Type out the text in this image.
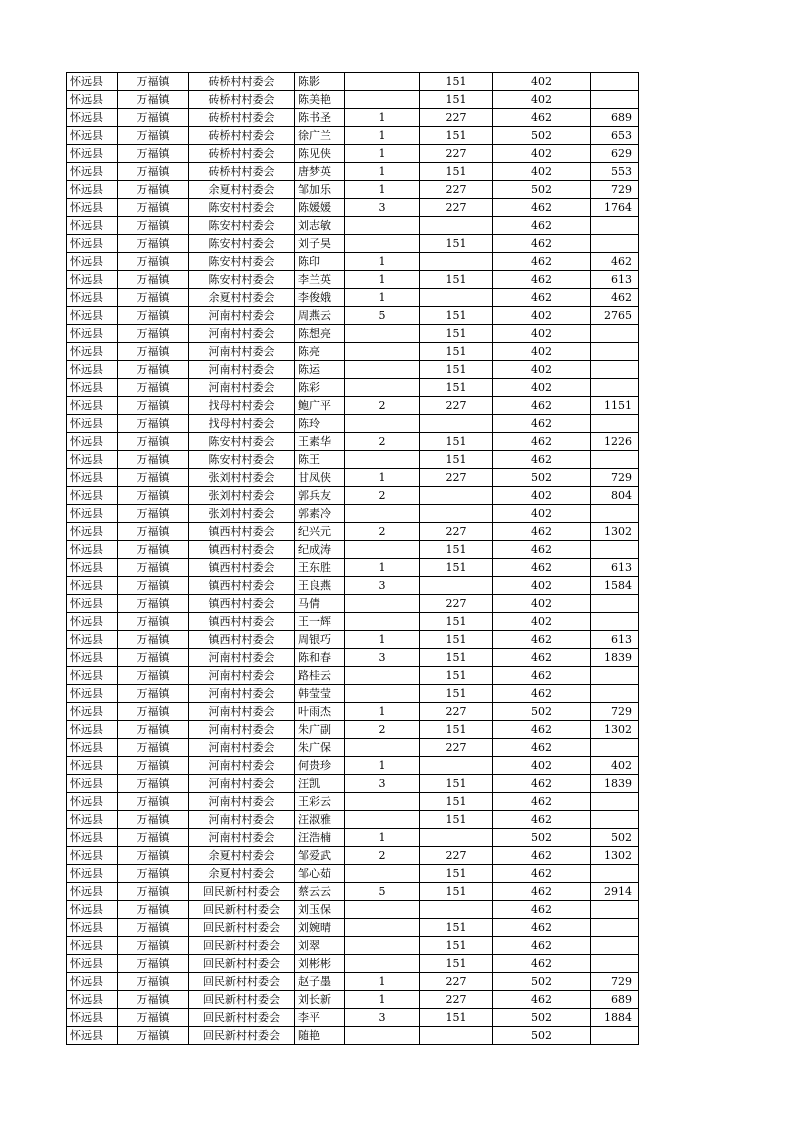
怀远县	万福镇	砖桥村村委会	陈影		151	402	
怀远县	万福镇	砖桥村村委会	陈美艳		151	402	
怀远县	万福镇	砖桥村村委会	陈书圣	1	227	462	689
怀远县	万福镇	砖桥村村委会	徐广兰	1	151	502	653
怀远县	万福镇	砖桥村村委会	陈见侠	1	227	402	629
怀远县	万福镇	砖桥村村委会	唐梦英	1	151	402	553
怀远县	万福镇	余夏村村委会	邹加乐	1	227	502	729
怀远县	万福镇	陈安村村委会	陈媛媛	3	227	462	1764
怀远县	万福镇	陈安村村委会	刘志敏			462	
怀远县	万福镇	陈安村村委会	刘子昊		151	462	
怀远县	万福镇	陈安村村委会	陈印	1		462	462
怀远县	万福镇	陈安村村委会	李兰英	1	151	462	613
怀远县	万福镇	余夏村村委会	李俊娥	1		462	462
怀远县	万福镇	河南村村委会	周燕云	5	151	402	2765
怀远县	万福镇	河南村村委会	陈想亮		151	402	
怀远县	万福镇	河南村村委会	陈亮		151	402	
怀远县	万福镇	河南村村委会	陈运		151	402	
怀远县	万福镇	河南村村委会	陈彩		151	402	
怀远县	万福镇	找母村村委会	鲍广平	2	227	462	1151
怀远县	万福镇	找母村村委会	陈玲			462	
怀远县	万福镇	陈安村村委会	王素华	2	151	462	1226
怀远县	万福镇	陈安村村委会	陈王		151	462	
怀远县	万福镇	张刘村村委会	甘凤侠	1	227	502	729
怀远县	万福镇	张刘村村委会	郭兵友	2		402	804
怀远县	万福镇	张刘村村委会	郭素冷			402	
怀远县	万福镇	镇西村村委会	纪兴元	2	227	462	1302
怀远县	万福镇	镇西村村委会	纪成涛		151	462	
怀远县	万福镇	镇西村村委会	王东胜	1	151	462	613
怀远县	万福镇	镇西村村委会	王良燕	3		402	1584
怀远县	万福镇	镇西村村委会	马倩		227	402	
怀远县	万福镇	镇西村村委会	王一辉		151	402	
怀远县	万福镇	镇西村村委会	周银巧	1	151	462	613
怀远县	万福镇	河南村村委会	陈和春	3	151	462	1839
怀远县	万福镇	河南村村委会	路桂云		151	462	
怀远县	万福镇	河南村村委会	韩莹莹		151	462	
怀远县	万福镇	河南村村委会	叶雨杰	1	227	502	729
怀远县	万福镇	河南村村委会	朱广副	2	151	462	1302
怀远县	万福镇	河南村村委会	朱广保		227	462	
怀远县	万福镇	河南村村委会	何贵珍	1		402	402
怀远县	万福镇	河南村村委会	汪凯	3	151	462	1839
怀远县	万福镇	河南村村委会	王彩云		151	462	
怀远县	万福镇	河南村村委会	汪淑雅		151	462	
怀远县	万福镇	河南村村委会	汪浩楠	1		502	502
怀远县	万福镇	余夏村村委会	邹爱武	2	227	462	1302
怀远县	万福镇	余夏村村委会	邹心茹		151	462	
怀远县	万福镇	回民新村村委会	蔡云云	5	151	462	2914
怀远县	万福镇	回民新村村委会	刘玉保			462	
怀远县	万福镇	回民新村村委会	刘婉晴		151	462	
怀远县	万福镇	回民新村村委会	刘翠		151	462	
怀远县	万福镇	回民新村村委会	刘彬彬		151	462	
怀远县	万福镇	回民新村村委会	赵子墨	1	227	502	729
怀远县	万福镇	回民新村村委会	刘长新	1	227	462	689
怀远县	万福镇	回民新村村委会	李平	3	151	502	1884
怀远县	万福镇	回民新村村委会	随艳			502	
